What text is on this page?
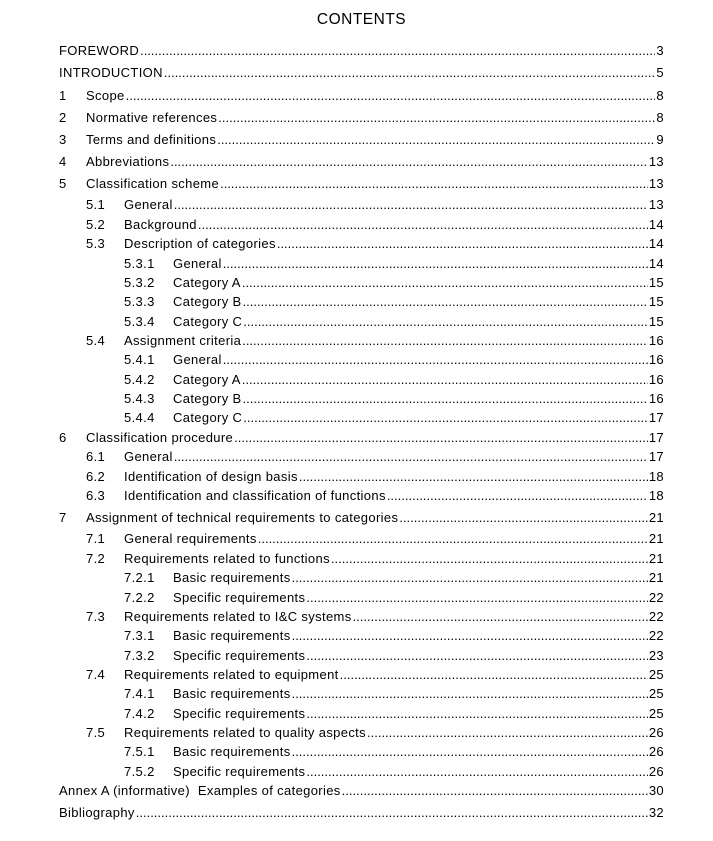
CONTENTS
FOREWORD .....	3
INTRODUCTION .....	5
1	Scope .....	8
2	Normative references .....	8
3	Terms and definitions .....	9
4	Abbreviations .....	13
5	Classification scheme .....	13
5.1	General .....	13
5.2	Background .....	14
5.3	Description of categories .....	14
5.3.1	General .....	14
5.3.2	Category A .....	15
5.3.3	Category B .....	15
5.3.4	Category C .....	15
5.4	Assignment criteria .....	16
5.4.1	General .....	16
5.4.2	Category A .....	16
5.4.3	Category B .....	16
5.4.4	Category C .....	17
6	Classification procedure .....	17
6.1	General .....	17
6.2	Identification of design basis .....	18
6.3	Identification and classification of functions .....	18
7	Assignment of technical requirements to categories .....	21
7.1	General requirements .....	21
7.2	Requirements related to functions .....	21
7.2.1	Basic requirements .....	21
7.2.2	Specific requirements .....	22
7.3	Requirements related to I&C systems .....	22
7.3.1	Basic requirements .....	22
7.3.2	Specific requirements .....	23
7.4	Requirements related to equipment .....	25
7.4.1	Basic requirements .....	25
7.4.2	Specific requirements .....	25
7.5	Requirements related to quality aspects .....	26
7.5.1	Basic requirements .....	26
7.5.2	Specific requirements .....	26
Annex A (informative)  Examples of categories .....	30
Bibliography .....	32
